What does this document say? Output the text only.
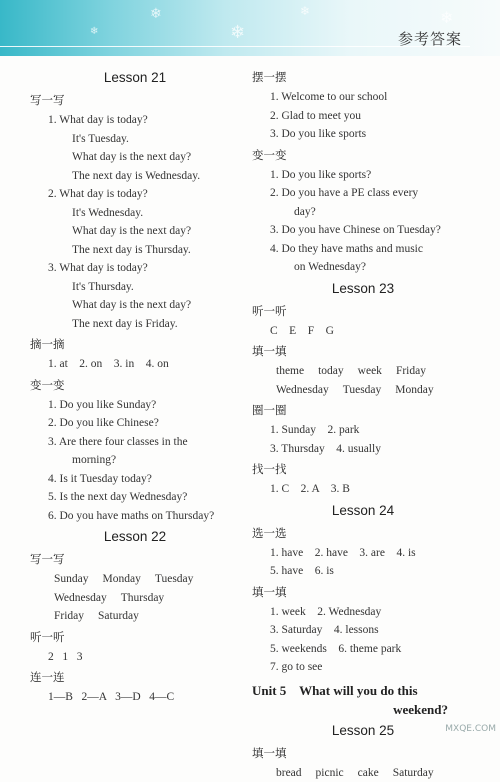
❄
❄
❄
❄
❄
参考答案
Lesson 21
写一写
1. What day is today?
It's Tuesday.
What day is the next day?
The next day is Wednesday.
2. What day is today?
It's Wednesday.
What day is the next day?
The next day is Thursday.
3. What day is today?
It's Thursday.
What day is the next day?
The next day is Friday.
摘一摘
1. at    2. on    3. in    4. on
变一变
1. Do you like Sunday?
2. Do you like Chinese?
3. Are there four classes in the
morning?
4. Is it Tuesday today?
5. Is the next day Wednesday?
6. Do you have maths on Thursday?
Lesson 22
写一写
Sunday Monday Tuesday
Wednesday Thursday
Friday Saturday
听一听
2   1   3
连一连
1—B   2—A   3—D   4—C
摆一摆
1. Welcome to our school
2. Glad to meet you
3. Do you like sports
变一变
1. Do you like sports?
2. Do you have a PE class every
day?
3. Do you have Chinese on Tuesday?
4. Do they have maths and music
on Wednesday?
Lesson 23
听一听
C    E    F    G
填一填
theme today week Friday
Wednesday Tuesday Monday
圈一圈
1. Sunday    2. park
3. Thursday    4. usually
找一找
1. C    2. A    3. B
Lesson 24
选一选
1. have    2. have    3. are    4. is
5. have    6. is
填一填
1. week    2. Wednesday
3. Saturday    4. lessons
5. weekends    6. theme park
7. go to see
Unit 5    What will you do this
weekend?
Lesson 25
填一填
bread picnic cake Saturday
MXQE.COM
